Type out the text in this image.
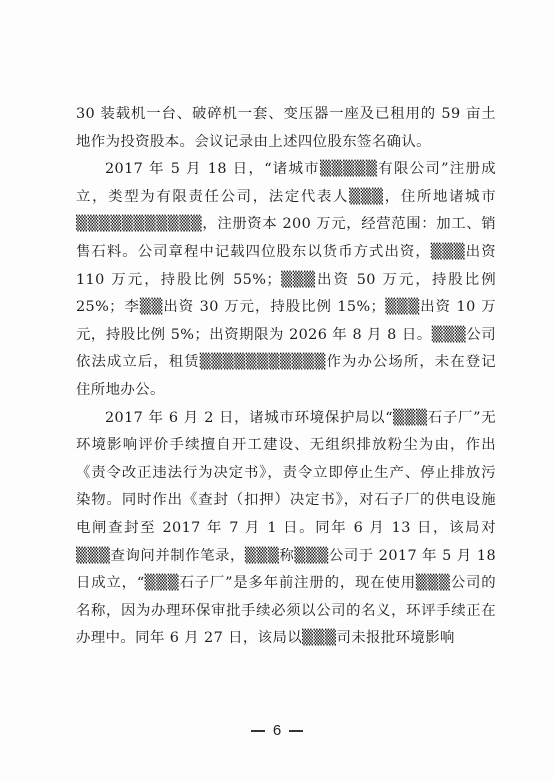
30 装载机一台、破碎机一套、变压器一座及已租用的 59 亩土地作为投资股本。会议记录由上述四位股东签名确认。

2017 年 5 月 18 日，“诸城市▒▒▒▒▒有限公司”注册成立，类型为有限责任公司，法定代表人▒▒▒，住所地诸城市▒▒▒▒▒▒▒▒▒▒▒，注册资本 200 万元，经营范围：加工、销售石料。公司章程中记载四位股东以货币方式出资，▒▒▒出资 110 万元，持股比例 55%；▒▒▒出资 50 万元，持股比例 25%；李▒▒出资 30 万元，持股比例 15%；▒▒▒出资 10 万元，持股比例 5%；出资期限为 2026 年 8 月 8 日。▒▒▒公司依法成立后，租赁▒▒▒▒▒▒▒▒▒▒▒作为办公场所，未在登记住所地办公。

2017 年 6 月 2 日，诸城市环境保护局以“▒▒▒石子厂”无环境影响评价手续擅自开工建设、无组织排放粉尘为由，作出《责令改正违法行为决定书》，责令立即停止生产、停止排放污染物。同时作出《查封（扣押）决定书》，对石子厂的供电设施电闸查封至 2017 年 7 月 1 日。同年 6 月 13 日，该局对▒▒▒查询问并制作笔录，▒▒▒称▒▒▒公司于 2017 年 5 月 18 日成立，“▒▒▒石子厂”是多年前注册的，现在使用▒▒▒公司的名称，因为办理环保审批手续必须以公司的名义，环评手续正在办理中。同年 6 月 27 日，该局以▒▒▒司未报批环境影响

6
